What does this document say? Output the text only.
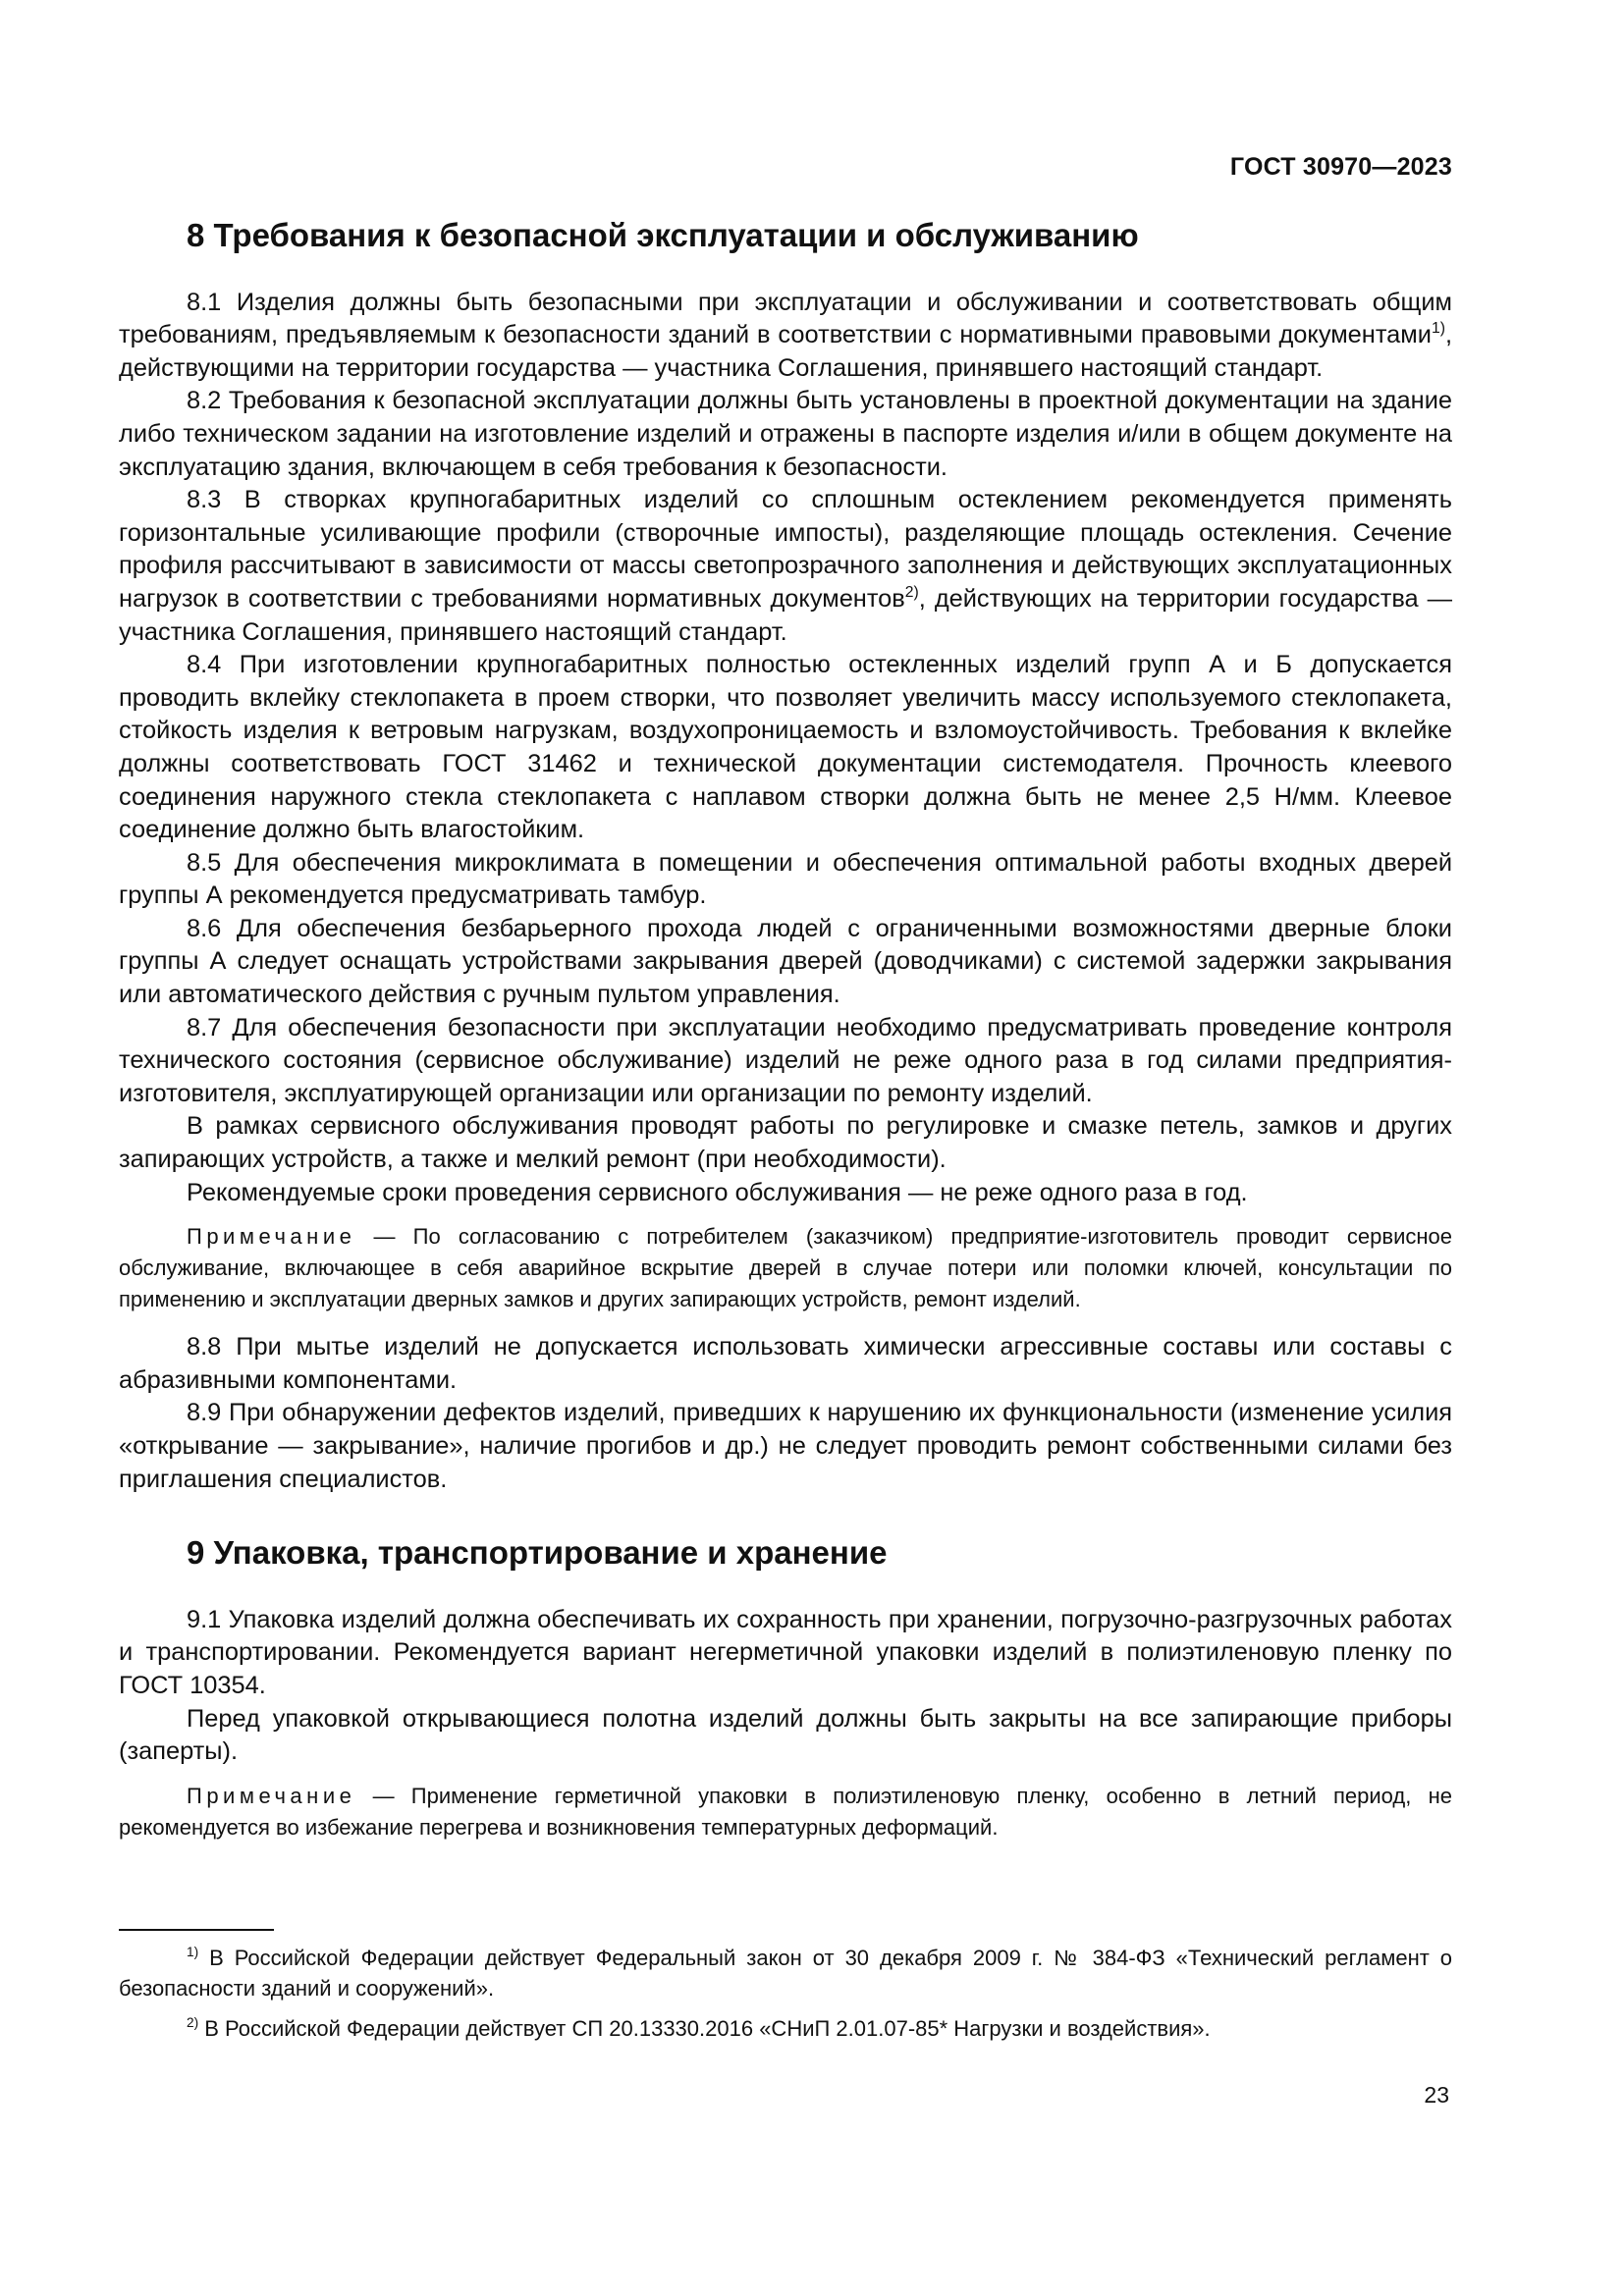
ГОСТ 30970—2023
8 Требования к безопасной эксплуатации и обслуживанию

8.1 Изделия должны быть безопасными при эксплуатации и обслуживании и соответствовать общим требованиям, предъявляемым к безопасности зданий в соответствии с нормативными правовыми документами$^{1)}$, действующими на территории государства — участника Соглашения, принявшего настоящий стандарт.

8.2 Требования к безопасной эксплуатации должны быть установлены в проектной документации на здание либо техническом задании на изготовление изделий и отражены в паспорте изделия и/или в общем документе на эксплуатацию здания, включающем в себя требования к безопасности.

8.3 В створках крупногабаритных изделий со сплошным остеклением рекомендуется применять горизонтальные усиливающие профили (створочные импосты), разделяющие площадь остекления. Сечение профиля рассчитывают в зависимости от массы светопрозрачного заполнения и действующих эксплуатационных нагрузок в соответствии с требованиями нормативных документов$^{2)}$, действующих на территории государства — участника Соглашения, принявшего настоящий стандарт.

8.4 При изготовлении крупногабаритных полностью остекленных изделий групп А и Б допускается проводить вклейку стеклопакета в проем створки, что позволяет увеличить массу используемого стеклопакета, стойкость изделия к ветровым нагрузкам, воздухопроницаемость и взломоустойчивость. Требования к вклейке должны соответствовать ГОСТ 31462 и технической документации системодателя. Прочность клеевого соединения наружного стекла стеклопакета с наплавом створки должна быть не менее 2,5 Н/мм. Клеевое соединение должно быть влагостойким.

8.5 Для обеспечения микроклимата в помещении и обеспечения оптимальной работы входных дверей группы А рекомендуется предусматривать тамбур.

8.6 Для обеспечения безбарьерного прохода людей с ограниченными возможностями дверные блоки группы А следует оснащать устройствами закрывания дверей (доводчиками) с системой задержки закрывания или автоматического действия с ручным пультом управления.

8.7 Для обеспечения безопасности при эксплуатации необходимо предусматривать проведение контроля технического состояния (сервисное обслуживание) изделий не реже одного раза в год силами предприятия-изготовителя, эксплуатирующей организации или организации по ремонту изделий.

В рамках сервисного обслуживания проводят работы по регулировке и смазке петель, замков и других запирающих устройств, а также и мелкий ремонт (при необходимости).

Рекомендуемые сроки проведения сервисного обслуживания — не реже одного раза в год.

Примечание — По согласованию с потребителем (заказчиком) предприятие-изготовитель проводит сервисное обслуживание, включающее в себя аварийное вскрытие дверей в случае потери или поломки ключей, консультации по применению и эксплуатации дверных замков и других запирающих устройств, ремонт изделий.

8.8 При мытье изделий не допускается использовать химически агрессивные составы или составы с абразивными компонентами.

8.9 При обнаружении дефектов изделий, приведших к нарушению их функциональности (изменение усилия «открывание — закрывание», наличие прогибов и др.) не следует проводить ремонт собственными силами без приглашения специалистов.

9 Упаковка, транспортирование и хранение

9.1 Упаковка изделий должна обеспечивать их сохранность при хранении, погрузочно-разгрузочных работах и транспортировании. Рекомендуется вариант негерметичной упаковки изделий в полиэтиленовую пленку по ГОСТ 10354.

Перед упаковкой открывающиеся полотна изделий должны быть закрыты на все запирающие приборы (заперты).

Примечание — Применение герметичной упаковки в полиэтиленовую пленку, особенно в летний период, не рекомендуется во избежание перегрева и возникновения температурных деформаций.

$^{1)}$ В Российской Федерации действует Федеральный закон от 30 декабря 2009 г. № 384-ФЗ «Технический регламент о безопасности зданий и сооружений».

$^{2)}$ В Российской Федерации действует СП 20.13330.2016 «СНиП 2.01.07-85* Нагрузки и воздействия».

23
